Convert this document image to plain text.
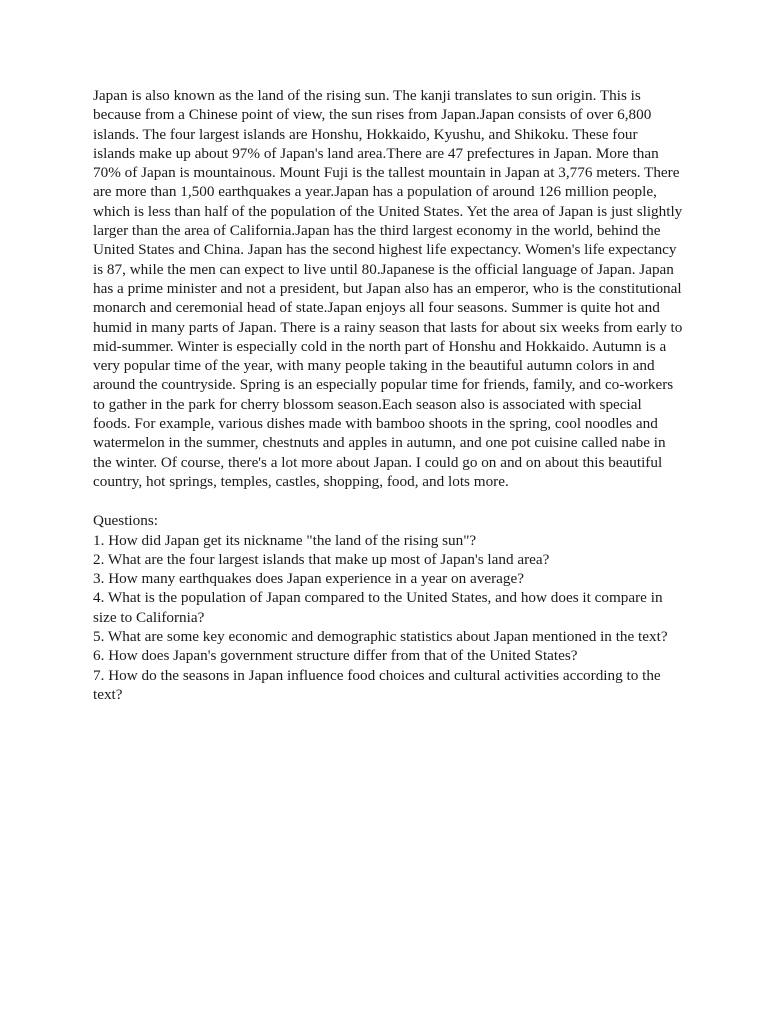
Japan is also known as the land of the rising sun. The kanji translates to sun origin. This is because from a Chinese point of view, the sun rises from Japan.Japan consists of over 6,800 islands. The four largest islands are Honshu, Hokkaido, Kyushu, and Shikoku. These four islands make up about 97% of Japan's land area.There are 47 prefectures in Japan. More than 70% of Japan is mountainous. Mount Fuji is the tallest mountain in Japan at 3,776 meters. There are more than 1,500 earthquakes a year.Japan has a population of around 126 million people, which is less than half of the population of the United States. Yet the area of Japan is just slightly larger than the area of California.Japan has the third largest economy in the world, behind the United States and China. Japan has the second highest life expectancy. Women's life expectancy is 87, while the men can expect to live until 80.Japanese is the official language of Japan. Japan has a prime minister and not a president, but Japan also has an emperor, who is the constitutional monarch and ceremonial head of state.Japan enjoys all four seasons. Summer is quite hot and humid in many parts of Japan. There is a rainy season that lasts for about six weeks from early to mid-summer. Winter is especially cold in the north part of Honshu and Hokkaido. Autumn is a very popular time of the year, with many people taking in the beautiful autumn colors in and around the countryside. Spring is an especially popular time for friends, family, and co-workers to gather in the park for cherry blossom season.Each season also is associated with special foods. For example, various dishes made with bamboo shoots in the spring, cool noodles and watermelon in the summer, chestnuts and apples in autumn, and one pot cuisine called nabe in the winter. Of course, there's a lot more about Japan. I could go on and on about this beautiful country, hot springs, temples, castles, shopping, food, and lots more.

Questions:

1. How did Japan get its nickname "the land of the rising sun"?
2. What are the four largest islands that make up most of Japan's land area?
3. How many earthquakes does Japan experience in a year on average?
4. What is the population of Japan compared to the United States, and how does it compare in size to California?
5. What are some key economic and demographic statistics about Japan mentioned in the text?
6. How does Japan's government structure differ from that of the United States?
7. How do the seasons in Japan influence food choices and cultural activities according to the text?
